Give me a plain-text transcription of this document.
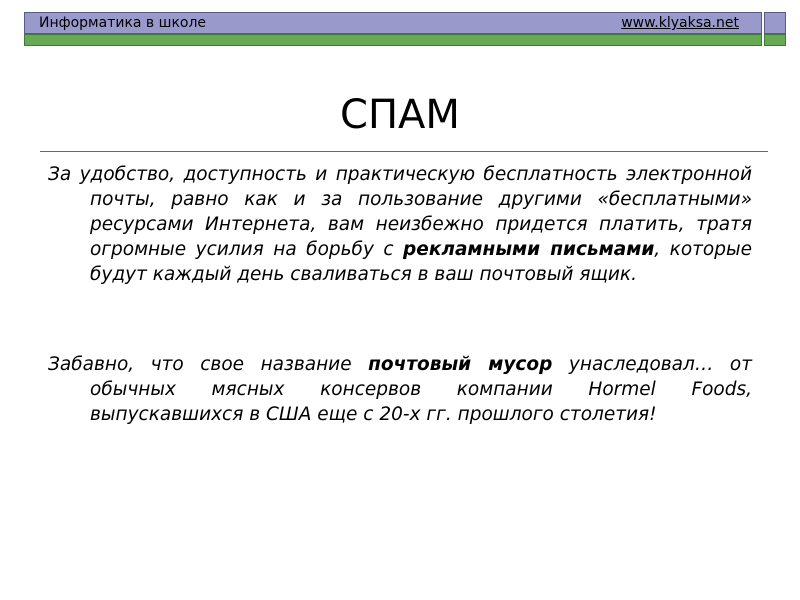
Информатика в школе	www.klyaksa.net
СПАМ

За удобство, доступность и практическую бесплатность электронной почты, равно как и за пользование другими «бесплатными» ресурсами Интернета, вам неизбежно придется платить, тратя огромные усилия на борьбу с рекламными письмами, которые будут каждый день сваливаться в ваш почтовый ящик.

Забавно, что свое название почтовый мусор унаследовал… от обычных мясных консервов компании Hormel Foods, выпускавшихся в США еще с 20-х гг. прошлого столетия!
